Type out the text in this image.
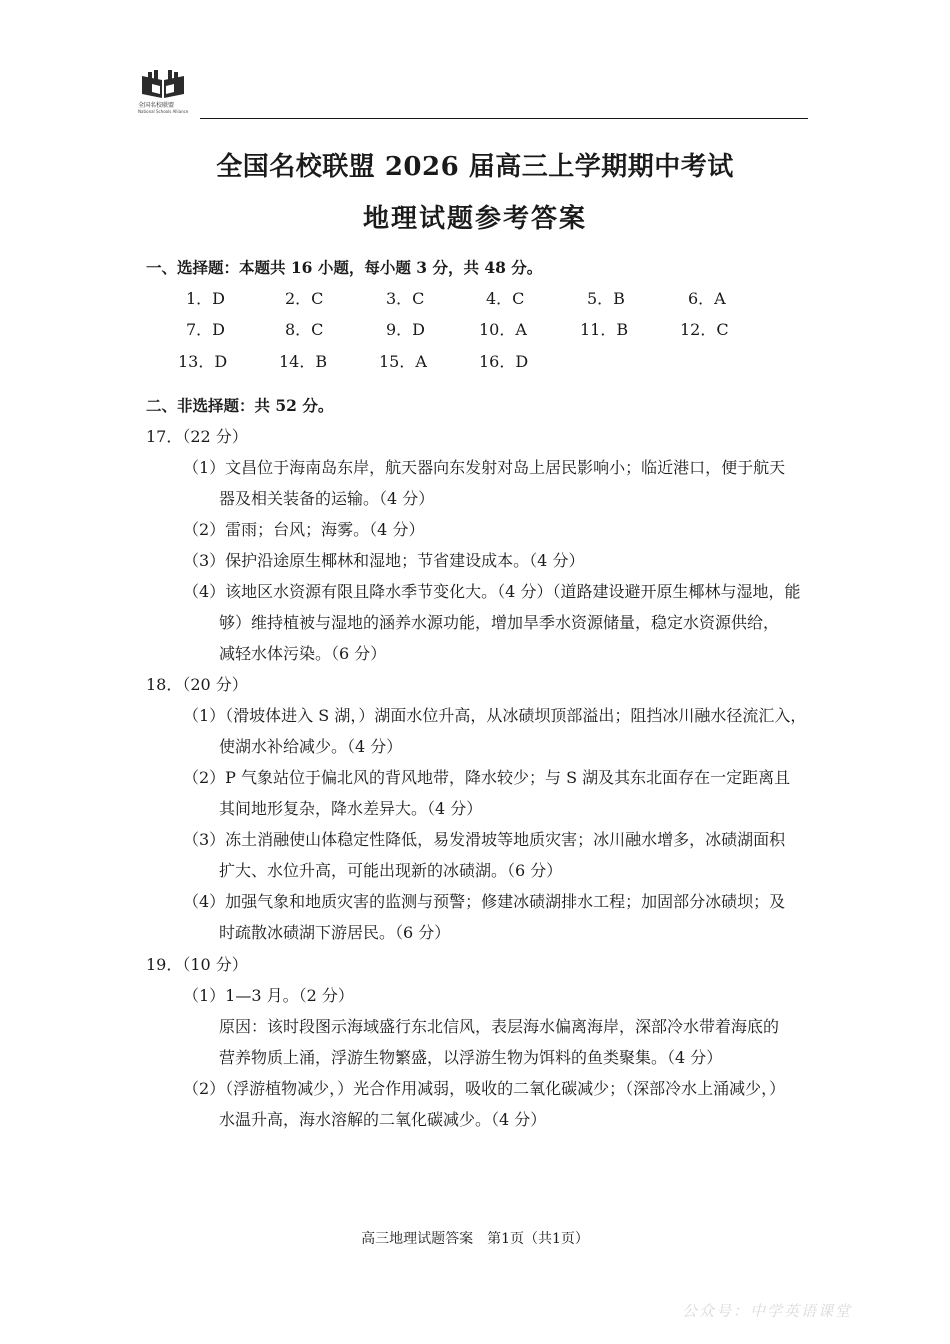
全国名校联盟
National Schools Alliance
全国名校联盟 2026 届高三上学期期中考试
地理试题参考答案
一、选择题：本题共 16 小题，每小题 3 分，共 48 分。
1．D	2．C	3．C	4．C	5．B	6．A
7．D	8．C	9．D	10．A	11．B	12．C
13．D	14．B	15．A	16．D
二、非选择题：共 52 分。
17．（22 分）
（1）文昌位于海南岛东岸，航天器向东发射对岛上居民影响小；临近港口，便于航天
器及相关装备的运输。（4 分）
（2）雷雨；台风；海雾。（4 分）
（3）保护沿途原生椰林和湿地；节省建设成本。（4 分）
（4）该地区水资源有限且降水季节变化大。（4 分）（道路建设避开原生椰林与湿地，能
够）维持植被与湿地的涵养水源功能，增加旱季水资源储量，稳定水资源供给，
减轻水体污染。（6 分）
18．（20 分）
（1）（滑坡体进入 S 湖，）湖面水位升高，从冰碛坝顶部溢出；阻挡冰川融水径流汇入，
使湖水补给减少。（4 分）
（2）P 气象站位于偏北风的背风地带，降水较少；与 S 湖及其东北面存在一定距离且
其间地形复杂，降水差异大。（4 分）
（3）冻土消融使山体稳定性降低，易发滑坡等地质灾害；冰川融水增多，冰碛湖面积
扩大、水位升高，可能出现新的冰碛湖。（6 分）
（4）加强气象和地质灾害的监测与预警；修建冰碛湖排水工程；加固部分冰碛坝；及
时疏散冰碛湖下游居民。（6 分）
19．（10 分）
（1）1—3 月。（2 分）
原因：该时段图示海域盛行东北信风，表层海水偏离海岸，深部冷水带着海底的
营养物质上涌，浮游生物繁盛，以浮游生物为饵料的鱼类聚集。（4 分）
（2）（浮游植物减少，）光合作用减弱，吸收的二氧化碳减少；（深部冷水上涌减少，）
水温升高，海水溶解的二氧化碳减少。（4 分）
高三地理试题答案　第1页（共1页）
公众号：中学英语课堂
